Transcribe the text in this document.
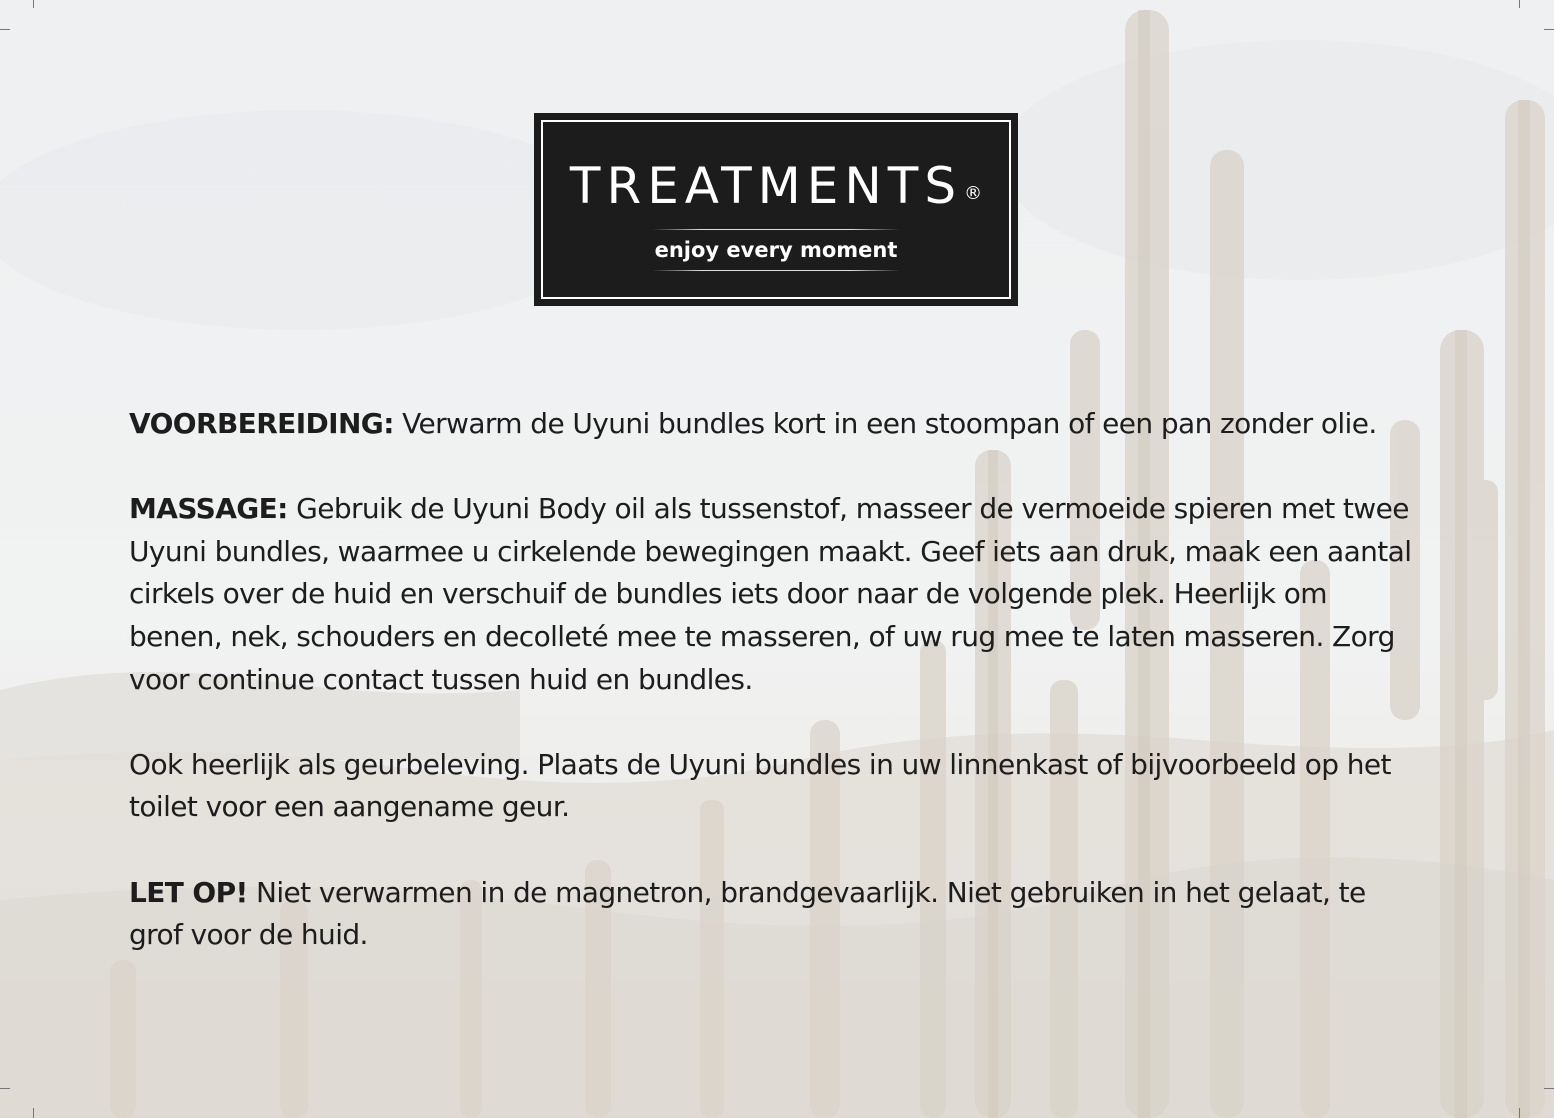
TREATMENTS ®
enjoy every moment

VOORBEREIDING: Verwarm de Uyuni bundles kort in een stoompan of een pan zonder olie.

MASSAGE: Gebruik de Uyuni Body oil als tussenstof, masseer de vermoeide spieren met twee Uyuni bundles, waarmee u cirkelende bewegingen maakt. Geef iets aan druk, maak een aantal cirkels over de huid en verschuif de bundles iets door naar de volgende plek. Heerlijk om benen, nek, schouders en decolleté mee te masseren, of uw rug mee te laten masseren. Zorg voor continue contact tussen huid en bundles.

Ook heerlijk als geurbeleving. Plaats de Uyuni bundles in uw linnenkast of bijvoorbeeld op het toilet voor een aangename geur.

LET OP! Niet verwarmen in de magnetron, brandgevaarlijk. Niet gebruiken in het gelaat, te grof voor de huid.
